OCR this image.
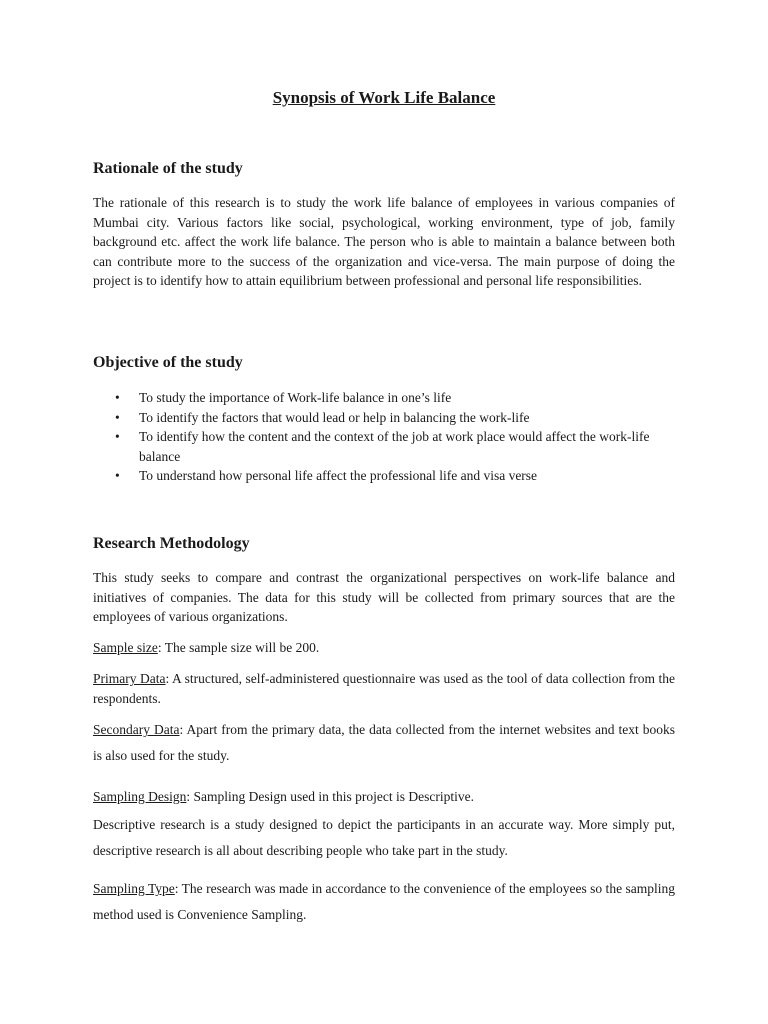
Synopsis of Work Life Balance
Rationale of the study

The rationale of this research is to study the work life balance of employees in various companies of Mumbai city. Various factors like social, psychological, working environment, type of job, family background etc. affect the work life balance. The person who is able to maintain a balance between both can contribute more to the success of the organization and vice-versa. The main purpose of doing the project is to identify how to attain equilibrium between professional and personal life responsibilities.

Objective of the study
• To study the importance of Work-life balance in one’s life
• To identify the factors that would lead or help in balancing the work-life
• To identify how the content and the context of the job at work place would affect the work-life balance
• To understand how personal life affect the professional life and visa verse
Research Methodology

This study seeks to compare and contrast the organizational perspectives on work-life balance and initiatives of companies. The data for this study will be collected from primary sources that are the employees of various organizations.

Sample size: The sample size will be 200.

Primary Data: A structured, self-administered questionnaire was used as the tool of data collection from the respondents.

Secondary Data: Apart from the primary data, the data collected from the internet websites and text books is also used for the study.

Sampling Design: Sampling Design used in this project is Descriptive.

Descriptive research is a study designed to depict the participants in an accurate way. More simply put, descriptive research is all about describing people who take part in the study.

Sampling Type: The research was made in accordance to the convenience of the employees so the sampling method used is Convenience Sampling.
